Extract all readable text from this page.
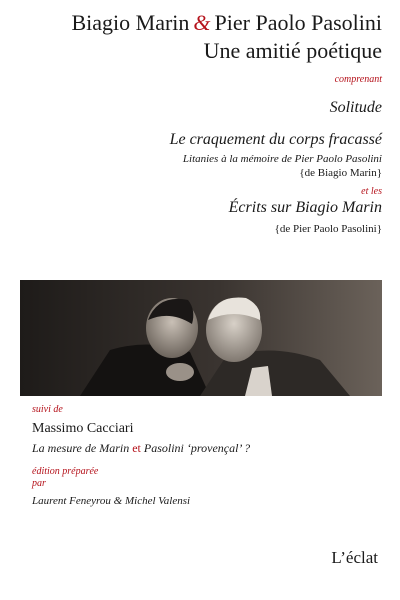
Biagio Marin & Pier Paolo Pasolini
Une amitié poétique
comprenant
Solitude
Le craquement du corps fracassé
Litanies à la mémoire de Pier Paolo Pasolini
{de Biagio Marin}
et les
Écrits sur Biagio Marin
{de Pier Paolo Pasolini}
suivi de
Massimo Cacciari
La mesure de Marin et Pasolini ‘provençal’ ?
édition préparée
par
Laurent Feneyrou & Michel Valensi
L’éclat
